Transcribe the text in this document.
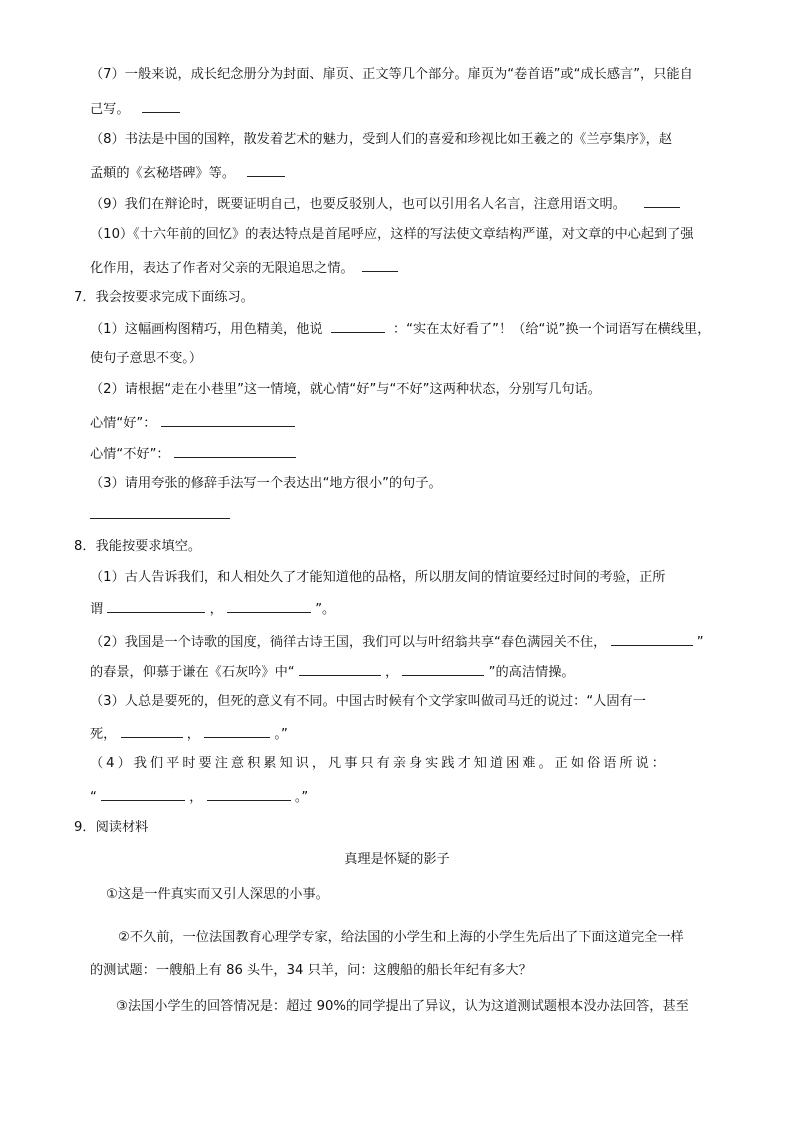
（7）一般来说，成长纪念册分为封面、扉页、正文等几个部分。扉页为“卷首语”或“成长感言”，只能自
己写。
（8）书法是中国的国粹，散发着艺术的魅力，受到人们的喜爱和珍视比如王羲之的《兰亭集序》，赵
孟頫的《玄秘塔碑》等。
（9）我们在辩论时，既要证明自己，也要反驳别人，也可以引用名人名言，注意用语文明。
（10）《十六年前的回忆》的表达特点是首尾呼应，这样的写法使文章结构严谨，对文章的中心起到了强
化作用，表达了作者对父亲的无限追思之情。
7．我会按要求完成下面练习。
（1）这幅画构图精巧，用色精美，他说	：“实在太好看了”！（给“说”换一个词语写在横线里，
使句子意思不变。）
（2）请根据“走在小巷里”这一情境，就心情“好”与“不好”这两种状态，分别写几句话。
心情“好”：
心情“不好”：
（3）请用夸张的修辞手法写一个表达出“地方很小”的句子。
8．我能按要求填空。
（1）古人告诉我们，和人相处久了才能知道他的品格，所以朋友间的情谊要经过时间的考验，正所
谓	，	”。
（2）我国是一个诗歌的国度，徜徉古诗王国，我们可以与叶绍翁共享“春色满园关不住，	”
的春景，仰慕于谦在《石灰吟》中“	，	”的高洁情操。
（3）人总是要死的，但死的意义有不同。中国古时候有个文学家叫做司马迁的说过：“人固有一
死，	，	。”
（4）我们平时要注意积累知识，凡事只有亲身实践才知道困难。正如俗语所说：
“	，	。”
9．阅读材料
真理是怀疑的影子
①这是一件真实而又引人深思的小事。
②不久前，一位法国教育心理学专家，给法国的小学生和上海的小学生先后出了下面这道完全一样
的测试题：一艘船上有 86 头牛，34 只羊，问：这艘船的船长年纪有多大？
③法国小学生的回答情况是：超过 90%的同学提出了异议，认为这道测试题根本没办法回答，甚至
